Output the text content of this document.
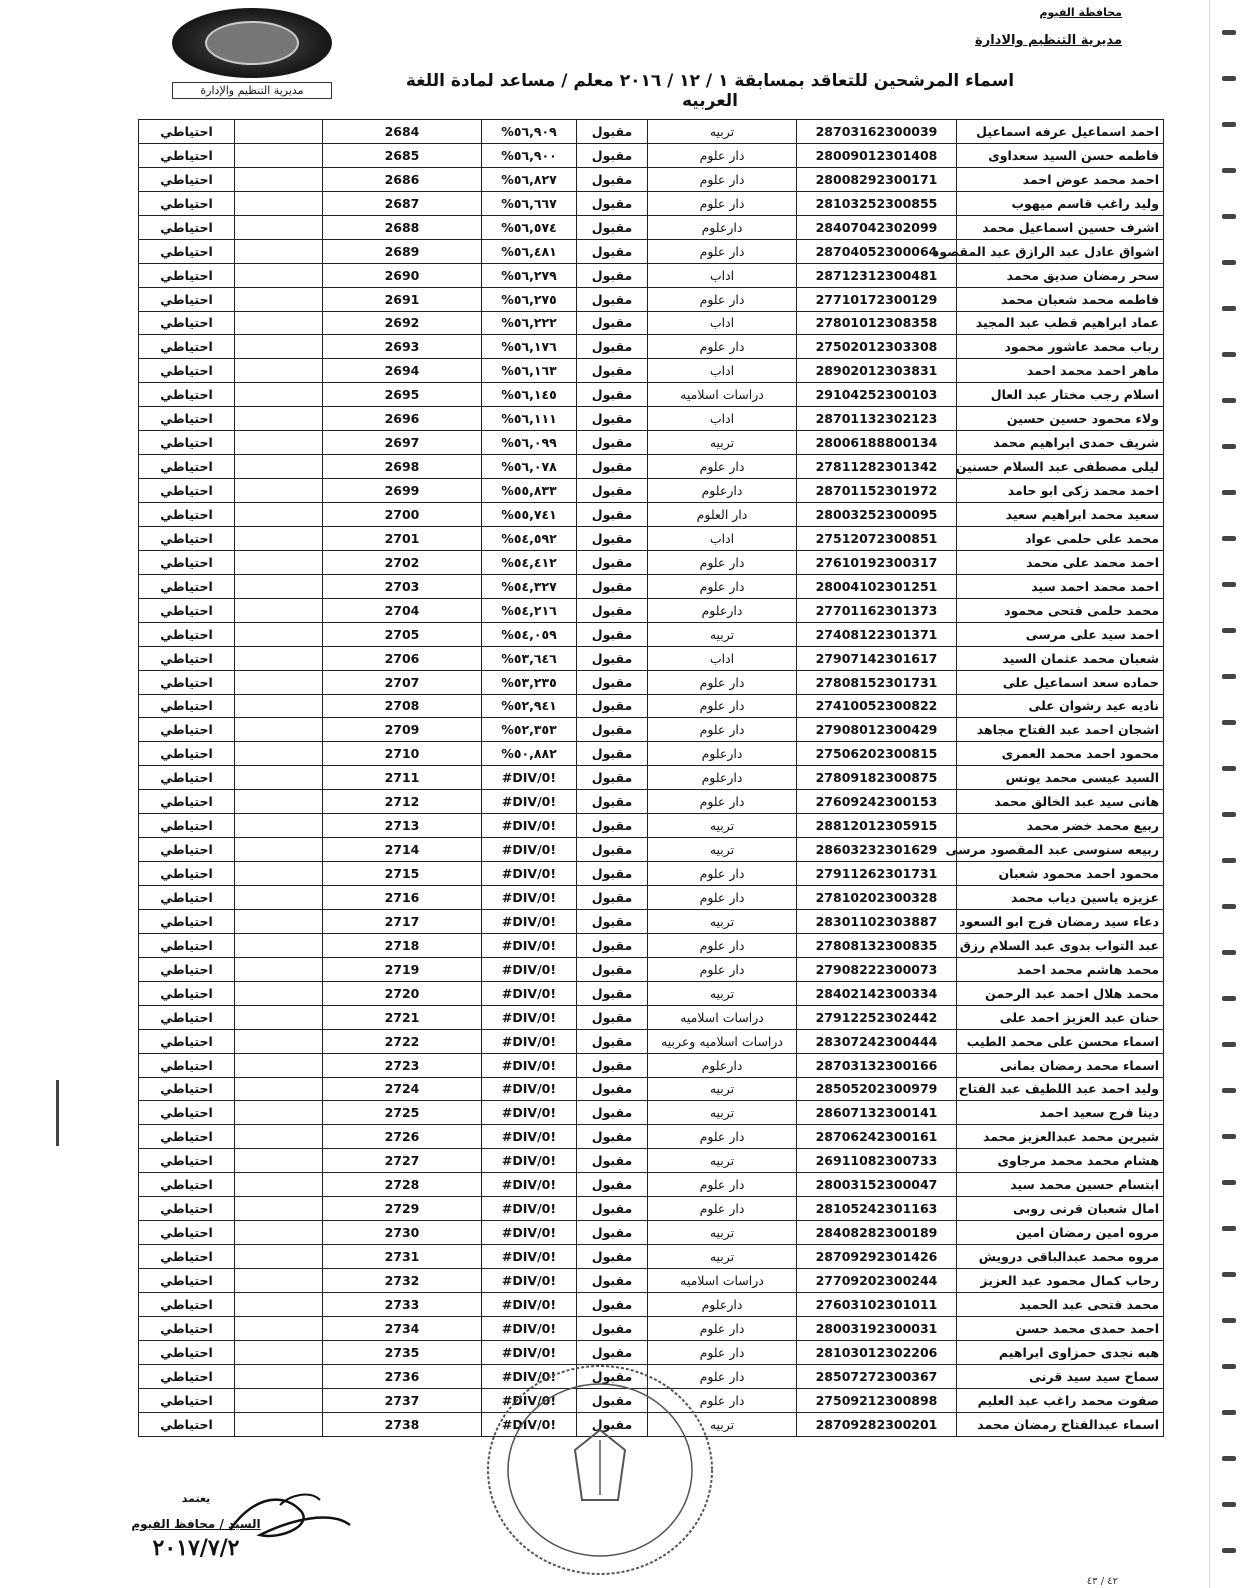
محافظة الفيوم
مديرية التنظيم والادارة
مديرية التنظيم والإدارة	اسماء المرشحين للتعاقد بمسابقة ١ / ١٢ / ٢٠١٦ معلم / مساعد لمادة اللغة العربيه
احتياطي		2684	%٥٦,٩٠٩	مقبول	تربيه	28703162300039	احمد اسماعيل عرفه اسماعيل
احتياطي		2685	%٥٦,٩٠٠	مقبول	دار علوم	28009012301408	فاطمه حسن السيد سعداوى
احتياطي		2686	%٥٦,٨٢٧	مقبول	دار علوم	28008292300171	احمد محمد عوض احمد
احتياطي		2687	%٥٦,٦٦٧	مقبول	دار علوم	28103252300855	وليد راغب قاسم ميهوب
احتياطي		2688	%٥٦,٥٧٤	مقبول	دارعلوم	28407042302099	اشرف حسين اسماعيل محمد
احتياطي		2689	%٥٦,٤٨١	مقبول	دار علوم	28704052300064	اشواق عادل عبد الرازق عبد المقصود
احتياطي		2690	%٥٦,٢٧٩	مقبول	اداب	28712312300481	سحر رمضان صديق محمد
احتياطي		2691	%٥٦,٢٧٥	مقبول	دار علوم	27710172300129	فاطمه محمد شعبان محمد
احتياطي		2692	%٥٦,٢٢٢	مقبول	اداب	27801012308358	عماد ابراهيم قطب عبد المجيد
احتياطي		2693	%٥٦,١٧٦	مقبول	دار علوم	27502012303308	رباب محمد عاشور محمود
احتياطي		2694	%٥٦,١٦٣	مقبول	اداب	28902012303831	ماهر احمد محمد احمد
احتياطي		2695	%٥٦,١٤٥	مقبول	دراسات اسلاميه	29104252300103	اسلام رجب مختار عبد العال
احتياطي		2696	%٥٦,١١١	مقبول	اداب	28701132302123	ولاء محمود حسين حسين
احتياطي		2697	%٥٦,٠٩٩	مقبول	تربيه	28006188800134	شريف حمدى ابراهيم محمد
احتياطي		2698	%٥٦,٠٧٨	مقبول	دار علوم	27811282301342	ليلى مصطفى عبد السلام حسنين
احتياطي		2699	%٥٥,٨٣٣	مقبول	دارعلوم	28701152301972	احمد محمد زكى ابو حامد
احتياطي		2700	%٥٥,٧٤١	مقبول	دار العلوم	28003252300095	سعيد محمد ابراهيم سعيد
احتياطي		2701	%٥٤,٥٩٢	مقبول	اداب	27512072300851	محمد على حلمى عواد
احتياطي		2702	%٥٤,٤١٢	مقبول	دار علوم	27610192300317	احمد محمد على محمد
احتياطي		2703	%٥٤,٣٢٧	مقبول	دار علوم	28004102301251	احمد محمد احمد سيد
احتياطي		2704	%٥٤,٢١٦	مقبول	دارعلوم	27701162301373	محمد حلمى فتحى محمود
احتياطي		2705	%٥٤,٠٥٩	مقبول	تربيه	27408122301371	احمد سيد على مرسى
احتياطي		2706	%٥٣,٦٤٦	مقبول	اداب	27907142301617	شعبان محمد عثمان السيد
احتياطي		2707	%٥٣,٢٣٥	مقبول	دار علوم	27808152301731	حماده سعد اسماعيل على
احتياطي		2708	%٥٢,٩٤١	مقبول	دار علوم	27410052300822	ناديه عيد رشوان على
احتياطي		2709	%٥٢,٣٥٣	مقبول	دار علوم	27908012300429	اشجان احمد عبد الفتاح مجاهد
احتياطي		2710	%٥٠,٨٨٢	مقبول	دارعلوم	27506202300815	محمود احمد محمد العمرى
احتياطي		2711	#DIV/0!	مقبول	دارعلوم	27809182300875	السيد عيسى محمد يونس
احتياطي		2712	#DIV/0!	مقبول	دار علوم	27609242300153	هانى سيد عبد الخالق محمد
احتياطي		2713	#DIV/0!	مقبول	تربيه	28812012305915	ربيع محمد خضر محمد
احتياطي		2714	#DIV/0!	مقبول	تربيه	28603232301629	ربيعه سنوسى عبد المقصود مرسى
احتياطي		2715	#DIV/0!	مقبول	دار علوم	27911262301731	محمود احمد محمود شعبان
احتياطي		2716	#DIV/0!	مقبول	دار علوم	27810202300328	عزيزه ياسين دياب محمد
احتياطي		2717	#DIV/0!	مقبول	تربيه	28301102303887	دعاء سيد رمضان فرج ابو السعود
احتياطي		2718	#DIV/0!	مقبول	دار علوم	27808132300835	عبد التواب بدوى عبد السلام رزق
احتياطي		2719	#DIV/0!	مقبول	دار علوم	27908222300073	محمد هاشم محمد احمد
احتياطي		2720	#DIV/0!	مقبول	تربيه	28402142300334	محمد هلال احمد عبد الرحمن
احتياطي		2721	#DIV/0!	مقبول	دراسات اسلاميه	27912252302442	حنان عبد العزيز احمد على
احتياطي		2722	#DIV/0!	مقبول	دراسات اسلاميه وعربيه	28307242300444	اسماء محسن على محمد الطيب
احتياطي		2723	#DIV/0!	مقبول	دارعلوم	28703132300166	اسماء محمد رمضان يمانى
احتياطي		2724	#DIV/0!	مقبول	تربيه	28505202300979	وليد احمد عبد اللطيف عبد الفتاح
احتياطي		2725	#DIV/0!	مقبول	تربيه	28607132300141	دينا فرج سعيد احمد
احتياطي		2726	#DIV/0!	مقبول	دار علوم	28706242300161	شيرين محمد عبدالعزيز محمد
احتياطي		2727	#DIV/0!	مقبول	تربيه	26911082300733	هشام محمد محمد مرجاوى
احتياطي		2728	#DIV/0!	مقبول	دار علوم	28003152300047	ابتسام حسين محمد سيد
احتياطي		2729	#DIV/0!	مقبول	دار علوم	28105242301163	امال شعبان قرنى روبى
احتياطي		2730	#DIV/0!	مقبول	تربيه	28408282300189	مروه امين رمضان امين
احتياطي		2731	#DIV/0!	مقبول	تربيه	28709292301426	مروه محمد عبدالباقى درويش
احتياطي		2732	#DIV/0!	مقبول	دراسات اسلاميه	27709202300244	رحاب كمال محمود عبد العزيز
احتياطي		2733	#DIV/0!	مقبول	دارعلوم	27603102301011	محمد فتحى عبد الحميد
احتياطي		2734	#DIV/0!	مقبول	دار علوم	28003192300031	احمد حمدى محمد حسن
احتياطي		2735	#DIV/0!	مقبول	دار علوم	28103012302206	هبه نجدى حمزاوى ابراهيم
احتياطي		2736	#DIV/0!	مقبول	دار علوم	28507272300367	سماح سيد سيد قرنى
احتياطي		2737	#DIV/0!	مقبول	دار علوم	27509212300898	صفوت محمد راغب عبد العليم
احتياطي		2738	#DIV/0!	مقبول	تربيه	28709282300201	اسماء عبدالفتاح رمضان محمد
يعتمد
السيد / محافظ الفيوم
٢٠١٧/٧/٢
٤٢ / ٤٣
